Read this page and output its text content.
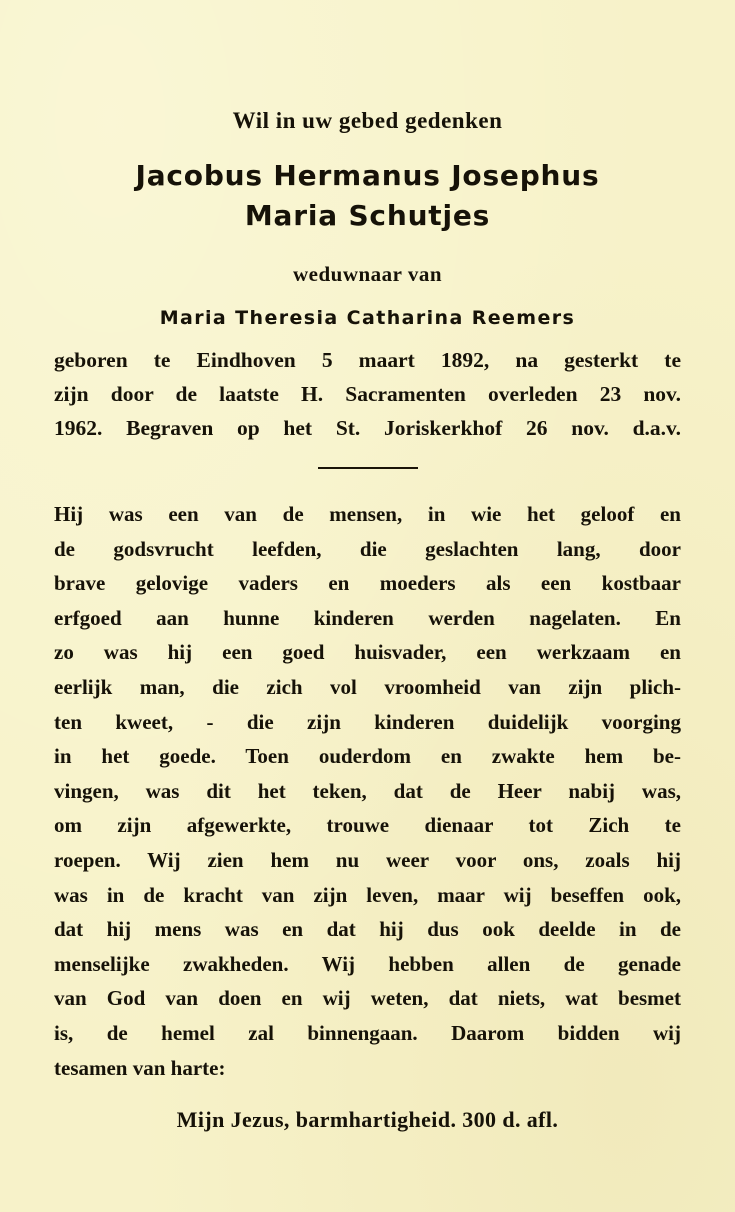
Wil in uw gebed gedenken

Jacobus Hermanus Josephus

Maria Schutjes

weduwnaar van

Maria Theresia Catharina Reemers

geboren te Eindhoven 5 maart 1892, na gesterkt te
zijn door de laatste H. Sacramenten overleden 23 nov.
1962. Begraven op het St. Joriskerkhof 26 nov. d.a.v.

Hij was een van de mensen, in wie het geloof en
de godsvrucht leefden, die geslachten lang, door
brave gelovige vaders en moeders als een kostbaar
erfgoed aan hunne kinderen werden nagelaten. En
zo was hij een goed huisvader, een werkzaam en
eerlijk man, die zich vol vroomheid van zijn plich-
ten kweet, - die zijn kinderen duidelijk voorging
in het goede. Toen ouderdom en zwakte hem be-
vingen, was dit het teken, dat de Heer nabij was,
om zijn afgewerkte, trouwe dienaar tot Zich te
roepen. Wij zien hem nu weer voor ons, zoals hij
was in de kracht van zijn leven, maar wij beseffen ook,
dat hij mens was en dat hij dus ook deelde in de
menselijke zwakheden. Wij hebben allen de genade
van God van doen en wij weten, dat niets, wat besmet
is, de hemel zal binnengaan. Daarom bidden wij
tesamen van harte:

Mijn Jezus, barmhartigheid. 300 d. afl.
